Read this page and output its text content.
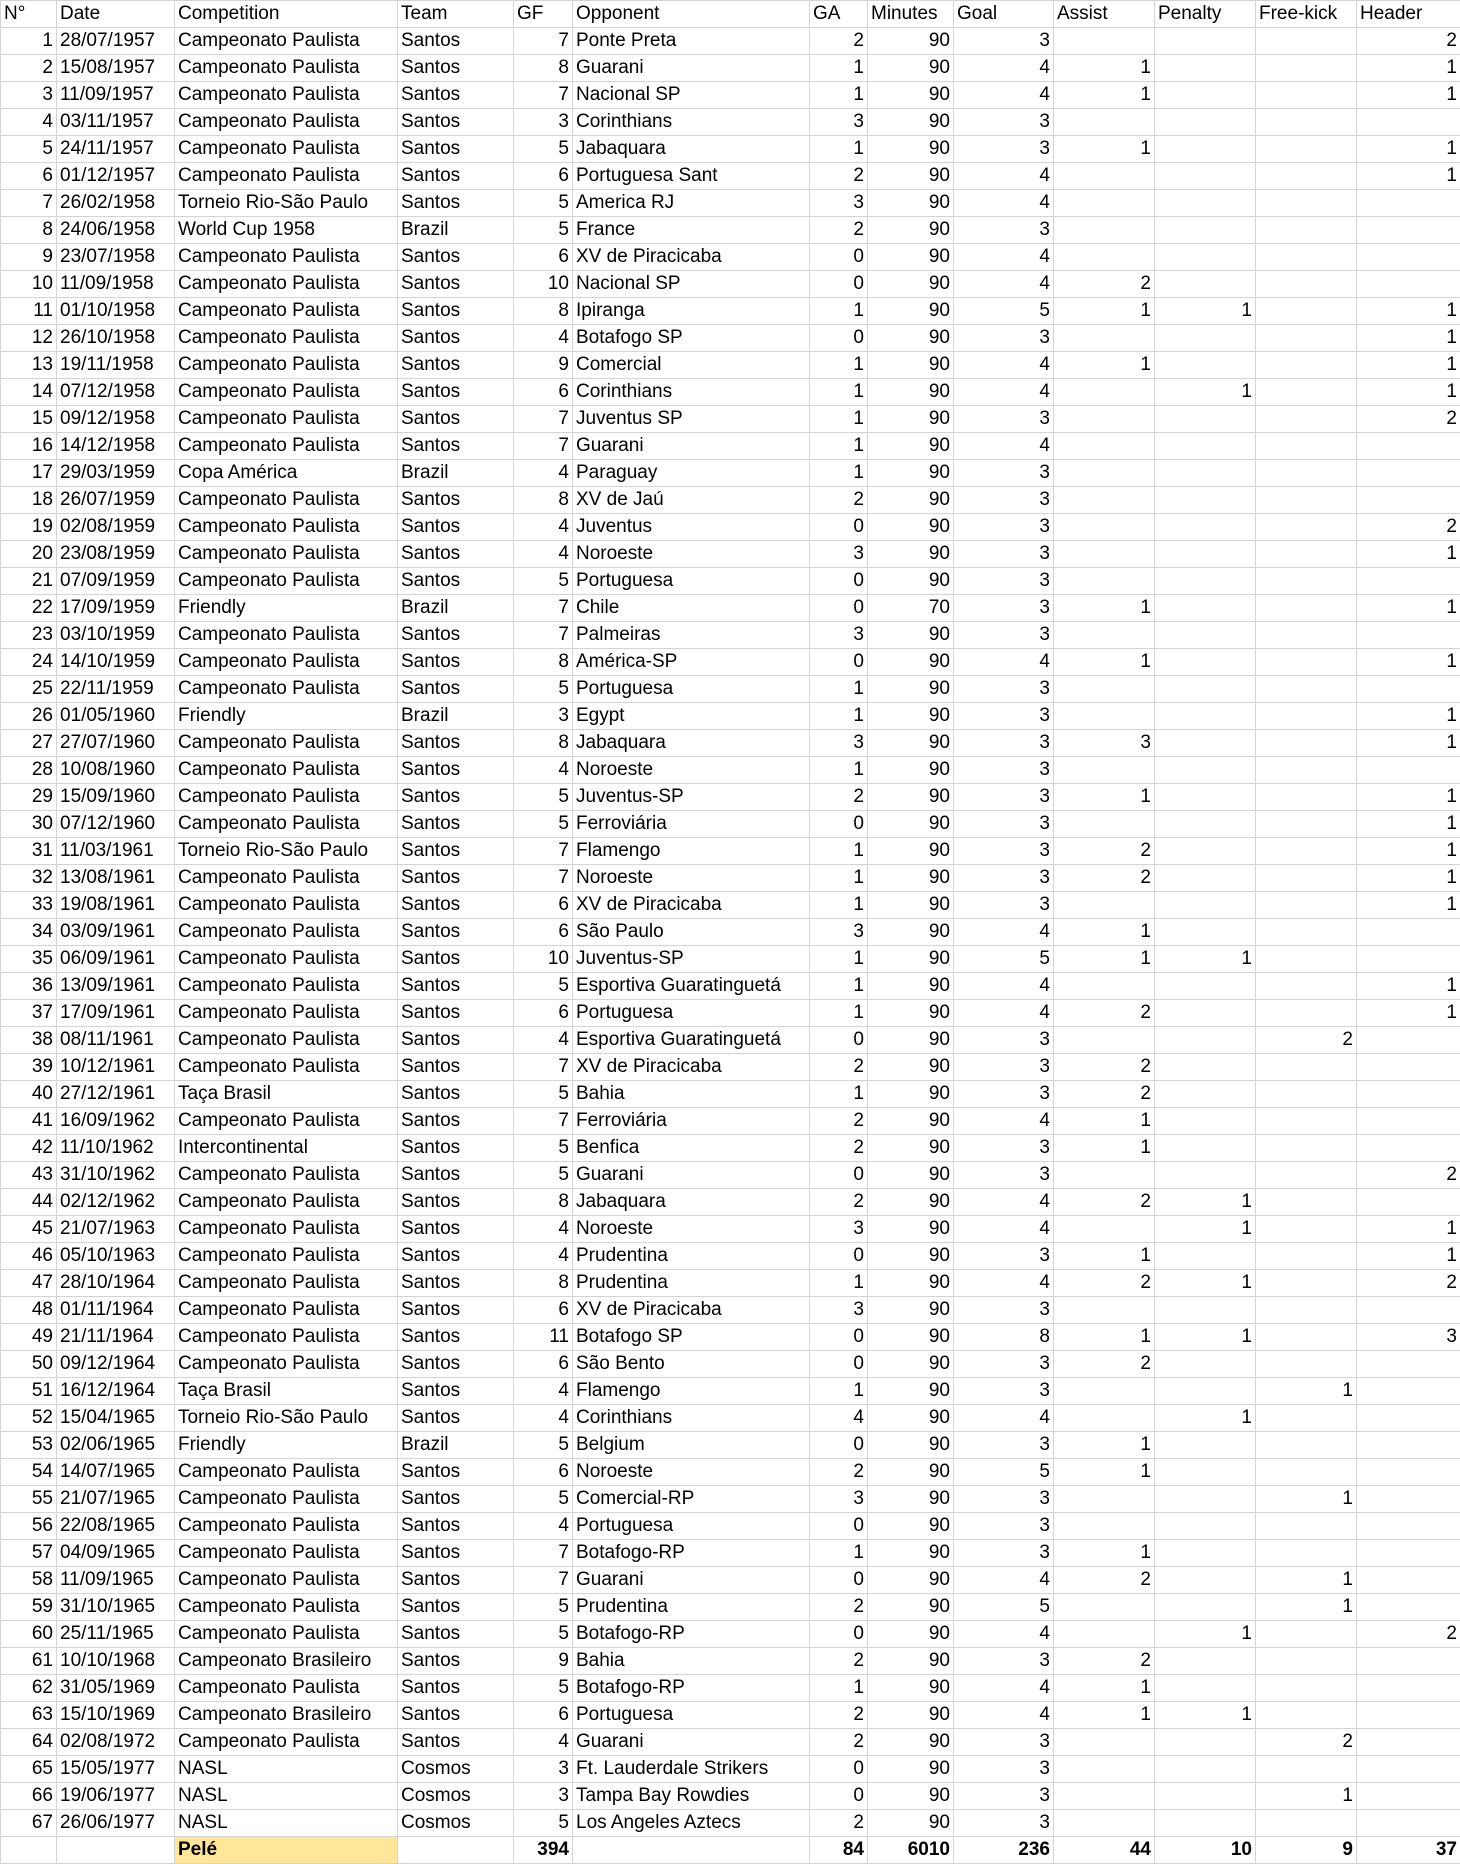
N°	Date	Competition	Team	GF	Opponent	GA	Minutes	Goal	Assist	Penalty	Free-kick	Header
1	28/07/1957	Campeonato Paulista	Santos	7	Ponte Preta	2	90	3				2
2	15/08/1957	Campeonato Paulista	Santos	8	Guarani	1	90	4	1			1
3	11/09/1957	Campeonato Paulista	Santos	7	Nacional SP	1	90	4	1			1
4	03/11/1957	Campeonato Paulista	Santos	3	Corinthians	3	90	3				
5	24/11/1957	Campeonato Paulista	Santos	5	Jabaquara	1	90	3	1			1
6	01/12/1957	Campeonato Paulista	Santos	6	Portuguesa Sant	2	90	4				1
7	26/02/1958	Torneio Rio-São Paulo	Santos	5	America RJ	3	90	4				
8	24/06/1958	World Cup 1958	Brazil	5	France	2	90	3				
9	23/07/1958	Campeonato Paulista	Santos	6	XV de Piracicaba	0	90	4				
10	11/09/1958	Campeonato Paulista	Santos	10	Nacional SP	0	90	4	2			
11	01/10/1958	Campeonato Paulista	Santos	8	Ipiranga	1	90	5	1	1		1
12	26/10/1958	Campeonato Paulista	Santos	4	Botafogo SP	0	90	3				1
13	19/11/1958	Campeonato Paulista	Santos	9	Comercial	1	90	4	1			1
14	07/12/1958	Campeonato Paulista	Santos	6	Corinthians	1	90	4		1		1
15	09/12/1958	Campeonato Paulista	Santos	7	Juventus SP	1	90	3				2
16	14/12/1958	Campeonato Paulista	Santos	7	Guarani	1	90	4				
17	29/03/1959	Copa América	Brazil	4	Paraguay	1	90	3				
18	26/07/1959	Campeonato Paulista	Santos	8	XV de Jaú	2	90	3				
19	02/08/1959	Campeonato Paulista	Santos	4	Juventus	0	90	3				2
20	23/08/1959	Campeonato Paulista	Santos	4	Noroeste	3	90	3				1
21	07/09/1959	Campeonato Paulista	Santos	5	Portuguesa	0	90	3				
22	17/09/1959	Friendly	Brazil	7	Chile	0	70	3	1			1
23	03/10/1959	Campeonato Paulista	Santos	7	Palmeiras	3	90	3				
24	14/10/1959	Campeonato Paulista	Santos	8	América-SP	0	90	4	1			1
25	22/11/1959	Campeonato Paulista	Santos	5	Portuguesa	1	90	3				
26	01/05/1960	Friendly	Brazil	3	Egypt	1	90	3				1
27	27/07/1960	Campeonato Paulista	Santos	8	Jabaquara	3	90	3	3			1
28	10/08/1960	Campeonato Paulista	Santos	4	Noroeste	1	90	3				
29	15/09/1960	Campeonato Paulista	Santos	5	Juventus-SP	2	90	3	1			1
30	07/12/1960	Campeonato Paulista	Santos	5	Ferroviária	0	90	3				1
31	11/03/1961	Torneio Rio-São Paulo	Santos	7	Flamengo	1	90	3	2			1
32	13/08/1961	Campeonato Paulista	Santos	7	Noroeste	1	90	3	2			1
33	19/08/1961	Campeonato Paulista	Santos	6	XV de Piracicaba	1	90	3				1
34	03/09/1961	Campeonato Paulista	Santos	6	São Paulo	3	90	4	1			
35	06/09/1961	Campeonato Paulista	Santos	10	Juventus-SP	1	90	5	1	1		
36	13/09/1961	Campeonato Paulista	Santos	5	Esportiva Guaratinguetá	1	90	4				1
37	17/09/1961	Campeonato Paulista	Santos	6	Portuguesa	1	90	4	2			1
38	08/11/1961	Campeonato Paulista	Santos	4	Esportiva Guaratinguetá	0	90	3			2	
39	10/12/1961	Campeonato Paulista	Santos	7	XV de Piracicaba	2	90	3	2			
40	27/12/1961	Taça Brasil	Santos	5	Bahia	1	90	3	2			
41	16/09/1962	Campeonato Paulista	Santos	7	Ferroviária	2	90	4	1			
42	11/10/1962	Intercontinental	Santos	5	Benfica	2	90	3	1			
43	31/10/1962	Campeonato Paulista	Santos	5	Guarani	0	90	3				2
44	02/12/1962	Campeonato Paulista	Santos	8	Jabaquara	2	90	4	2	1		
45	21/07/1963	Campeonato Paulista	Santos	4	Noroeste	3	90	4		1		1
46	05/10/1963	Campeonato Paulista	Santos	4	Prudentina	0	90	3	1			1
47	28/10/1964	Campeonato Paulista	Santos	8	Prudentina	1	90	4	2	1		2
48	01/11/1964	Campeonato Paulista	Santos	6	XV de Piracicaba	3	90	3				
49	21/11/1964	Campeonato Paulista	Santos	11	Botafogo SP	0	90	8	1	1		3
50	09/12/1964	Campeonato Paulista	Santos	6	São Bento	0	90	3	2			
51	16/12/1964	Taça Brasil	Santos	4	Flamengo	1	90	3			1	
52	15/04/1965	Torneio Rio-São Paulo	Santos	4	Corinthians	4	90	4		1		
53	02/06/1965	Friendly	Brazil	5	Belgium	0	90	3	1			
54	14/07/1965	Campeonato Paulista	Santos	6	Noroeste	2	90	5	1			
55	21/07/1965	Campeonato Paulista	Santos	5	Comercial-RP	3	90	3			1	
56	22/08/1965	Campeonato Paulista	Santos	4	Portuguesa	0	90	3				
57	04/09/1965	Campeonato Paulista	Santos	7	Botafogo-RP	1	90	3	1			
58	11/09/1965	Campeonato Paulista	Santos	7	Guarani	0	90	4	2		1	
59	31/10/1965	Campeonato Paulista	Santos	5	Prudentina	2	90	5			1	
60	25/11/1965	Campeonato Paulista	Santos	5	Botafogo-RP	0	90	4		1		2
61	10/10/1968	Campeonato Brasileiro	Santos	9	Bahia	2	90	3	2			
62	31/05/1969	Campeonato Paulista	Santos	5	Botafogo-RP	1	90	4	1			
63	15/10/1969	Campeonato Brasileiro	Santos	6	Portuguesa	2	90	4	1	1		
64	02/08/1972	Campeonato Paulista	Santos	4	Guarani	2	90	3			2	
65	15/05/1977	NASL	Cosmos	3	Ft. Lauderdale Strikers	0	90	3				
66	19/06/1977	NASL	Cosmos	3	Tampa Bay Rowdies	0	90	3			1	
67	26/06/1977	NASL	Cosmos	5	Los Angeles Aztecs	2	90	3				
		Pelé		394		84	6010	236	44	10	9	37
